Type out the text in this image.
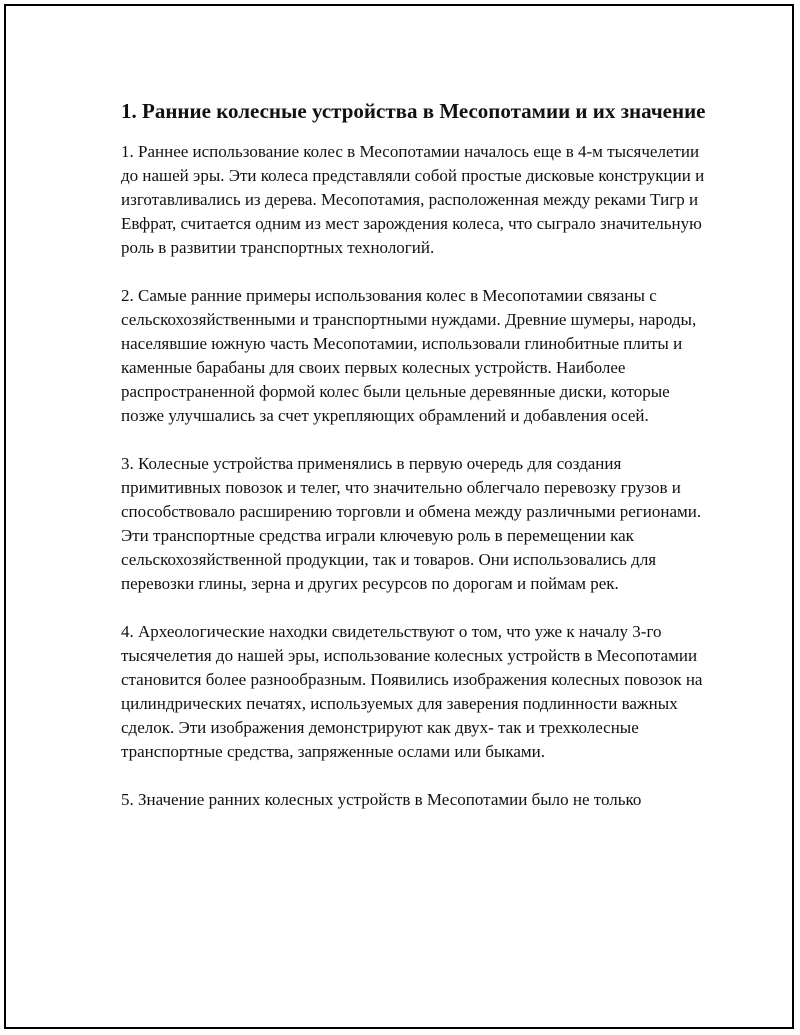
1. Ранние колесные устройства в Месопотамии и их значение

1. Раннее использование колес в Месопотамии началось еще в 4-м тысячелетии до нашей эры. Эти колеса представляли собой простые дисковые конструкции и изготавливались из дерева. Месопотамия, расположенная между реками Тигр и Евфрат, считается одним из мест зарождения колеса, что сыграло значительную роль в развитии транспортных технологий.

2. Самые ранние примеры использования колес в Месопотамии связаны с сельскохозяйственными и транспортными нуждами. Древние шумеры, народы, населявшие южную часть Месопотамии, использовали глинобитные плиты и каменные барабаны для своих первых колесных устройств. Наиболее распространенной формой колес были цельные деревянные диски, которые позже улучшались за счет укрепляющих обрамлений и добавления осей.

3. Колесные устройства применялись в первую очередь для создания примитивных повозок и телег, что значительно облегчало перевозку грузов и способствовало расширению торговли и обмена между различными регионами. Эти транспортные средства играли ключевую роль в перемещении как сельскохозяйственной продукции, так и товаров. Они использовались для перевозки глины, зерна и других ресурсов по дорогам и поймам рек.

4. Археологические находки свидетельствуют о том, что уже к началу 3-го тысячелетия до нашей эры, использование колесных устройств в Месопотамии становится более разнообразным. Появились изображения колесных повозок на цилиндрических печатях, используемых для заверения подлинности важных сделок. Эти изображения демонстрируют как двух- так и трехколесные транспортные средства, запряженные ослами или быками.

5. Значение ранних колесных устройств в Месопотамии было не только
